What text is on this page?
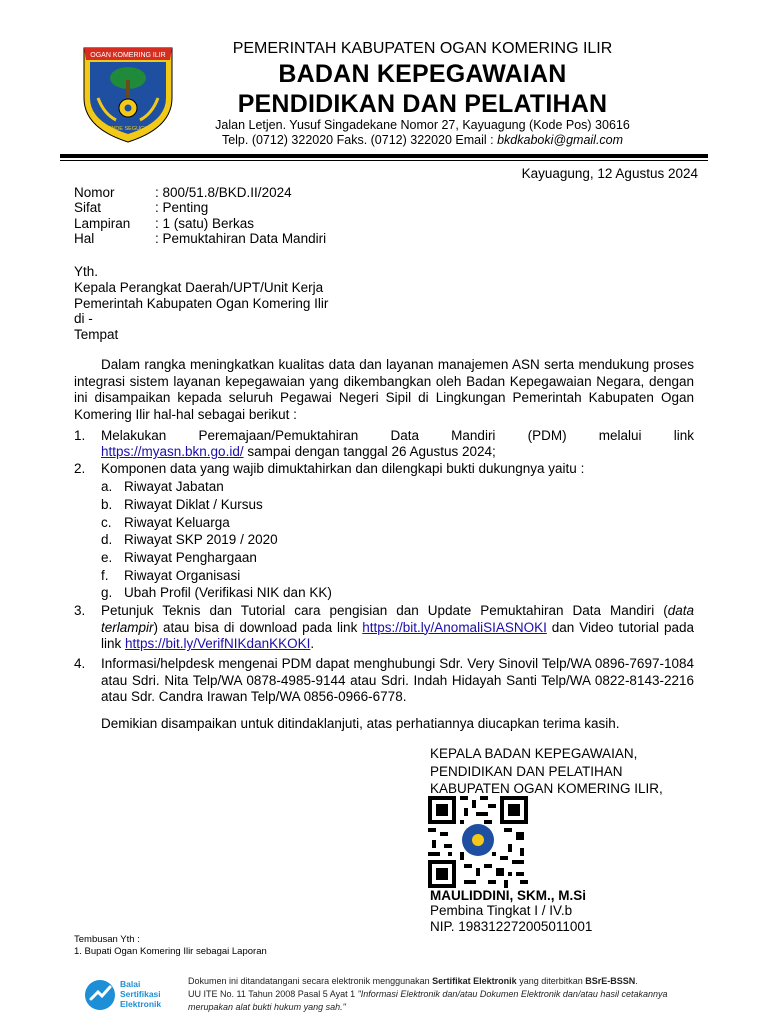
OGAN KOMERING ILIR
BENDE SEGUGUK
PEMERINTAH KABUPATEN OGAN KOMERING ILIR
BADAN KEPEGAWAIAN
PENDIDIKAN DAN PELATIHAN
Jalan Letjen. Yusuf Singadekane Nomor 27, Kayuagung (Kode Pos) 30616
Telp. (0712) 322020 Faks. (0712) 322020 Email : bkdkaboki@gmail.com
Kayuagung, 12 Agustus 2024
Nomor	: 800/51.8/BKD.II/2024
Sifat	: Penting
Lampiran : 1 (satu) Berkas
Hal	: Pemuktahiran Data Mandiri
Yth.
Kepala Perangkat Daerah/UPT/Unit Kerja
Pemerintah Kabupaten Ogan Komering Ilir
di -
Tempat
Dalam rangka meningkatkan kualitas data dan layanan manajemen ASN serta mendukung proses integrasi sistem layanan kepegawaian yang dikembangkan oleh Badan Kepegawaian Negara, dengan ini disampaikan kepada seluruh Pegawai Negeri Sipil di Lingkungan Pemerintah Kabupaten Ogan Komering Ilir hal-hal sebagai berikut :
1. Melakukan Peremajaan/Pemuktahiran Data Mandiri (PDM) melalui link
https://myasn.bkn.go.id/ sampai dengan tanggal 26 Agustus 2024;
2. Komponen data yang wajib dimuktahirkan dan dilengkapi bukti dukungnya yaitu :
a. Riwayat Jabatan
b. Riwayat Diklat / Kursus
c. Riwayat Keluarga
d. Riwayat SKP 2019 / 2020
e. Riwayat Penghargaan
f. Riwayat Organisasi
g. Ubah Profil (Verifikasi NIK dan KK)
3. Petunjuk Teknis dan Tutorial cara pengisian dan Update Pemuktahiran Data Mandiri (data terlampir) atau bisa di download pada link https://bit.ly/AnomaliSIASNOKI dan Video tutorial pada link https://bit.ly/VerifNIKdanKKOKI.
4. Informasi/helpdesk mengenai PDM dapat menghubungi Sdr. Very Sinovil Telp/WA 0896-7697-1084 atau Sdri. Nita Telp/WA 0878-4985-9144 atau Sdri. Indah Hidayah Santi Telp/WA 0822-8143-2216 atau Sdr. Candra Irawan Telp/WA 0856-0966-6778.
Demikian disampaikan untuk ditindaklanjuti, atas perhatiannya diucapkan terima kasih.
KEPALA BADAN KEPEGAWAIAN,
PENDIDIKAN DAN PELATIHAN
KABUPATEN OGAN KOMERING ILIR,
MAULIDDINI, SKM., M.Si
Pembina Tingkat I / IV.b
NIP. 198312272005011001
Tembusan Yth :
1. Bupati Ogan Komering Ilir sebagai Laporan
Balai
Sertifikasi
Elektronik
Dokumen ini ditandatangani secara elektronik menggunakan Sertifikat Elektronik yang diterbitkan BSrE-BSSN.
UU ITE No. 11 Tahun 2008 Pasal 5 Ayat 1 "Informasi Elektronik dan/atau Dokumen Elektronik dan/atau hasil cetakannya merupakan alat bukti hukum yang sah."
